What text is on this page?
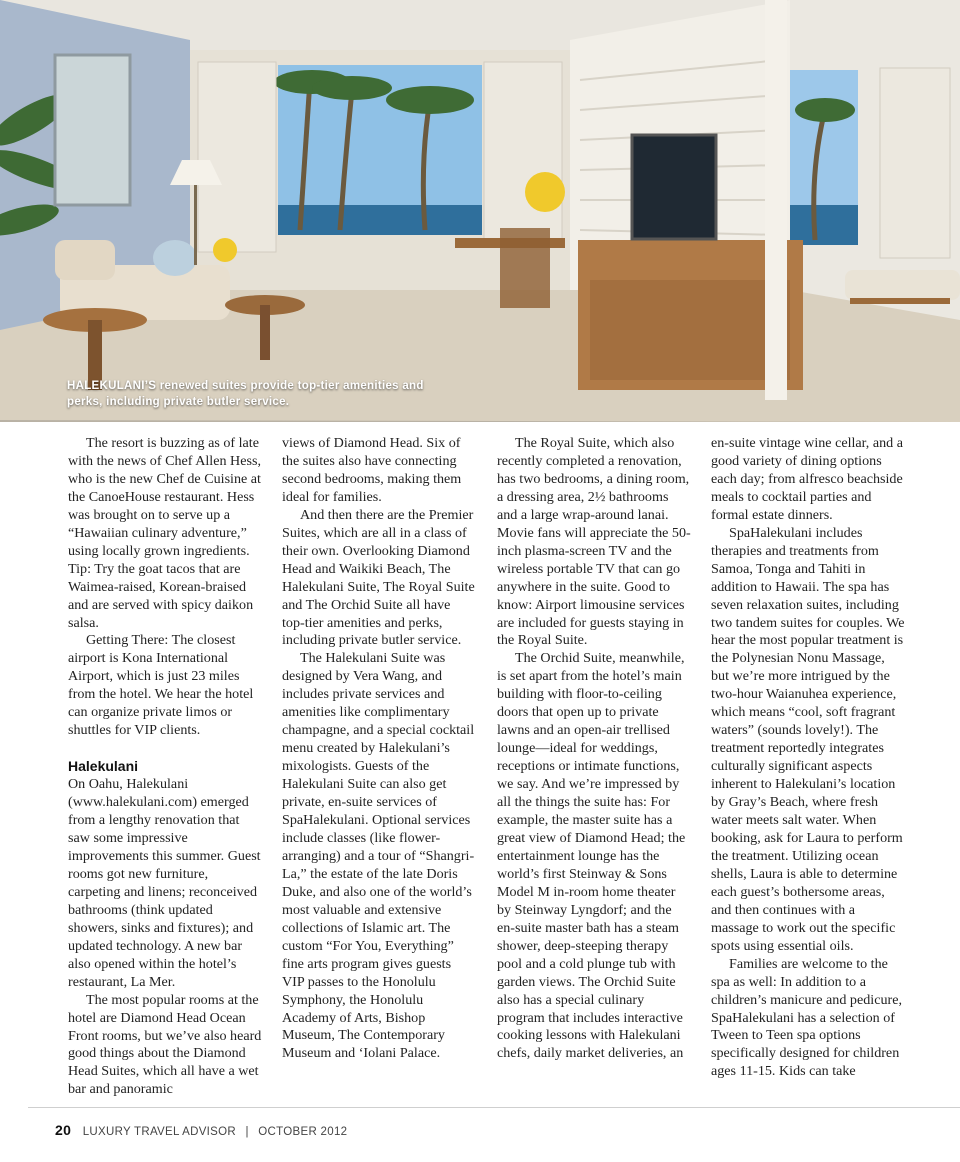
HALEKULANI’S renewed suites provide top-tier amenities and perks, including private butler service.

The resort is buzzing as of late with the news of Chef Allen Hess, who is the new Chef de Cuisine at the CanoeHouse restaurant. Hess was brought on to serve up a “Hawaiian culinary adventure,” using locally grown ingredients. Tip: Try the goat tacos that are Waimea-raised, Korean-braised and are served with spicy daikon salsa.

Getting There: The closest airport is Kona International Airport, which is just 23 miles from the hotel. We hear the hotel can organize private limos or shuttles for VIP clients.

Halekulani

On Oahu, Halekulani (www.halekulani.com) emerged from a lengthy renovation that saw some impressive improvements this summer. Guest rooms got new furniture, carpeting and linens; reconceived bathrooms (think updated showers, sinks and fixtures); and updated technology. A new bar also opened within the hotel’s restaurant, La Mer.

The most popular rooms at the hotel are Diamond Head Ocean Front rooms, but we’ve also heard good things about the Diamond Head Suites, which all have a wet bar and panoramic

views of Diamond Head. Six of the suites also have connecting second bedrooms, making them ideal for families.

And then there are the Premier Suites, which are all in a class of their own. Overlooking Diamond Head and Waikiki Beach, The Halekulani Suite, The Royal Suite and The Orchid Suite all have top-tier amenities and perks, including private butler service.

The Halekulani Suite was designed by Vera Wang, and includes private services and amenities like complimentary champagne, and a special cocktail menu created by Halekulani’s mixologists. Guests of the Halekulani Suite can also get private, en-suite services of SpaHalekulani. Optional services include classes (like flower-arranging) and a tour of “Shangri-La,” the estate of the late Doris Duke, and also one of the world’s most valuable and extensive collections of Islamic art. The custom “For You, Everything” fine arts program gives guests VIP passes to the Honolulu Symphony, the Honolulu Academy of Arts, Bishop Museum, The Contemporary Museum and ‘Iolani Palace.

The Royal Suite, which also recently completed a renovation, has two bedrooms, a dining room, a dressing area, 2½ bathrooms and a large wrap-around lanai. Movie fans will appreciate the 50-inch plasma-screen TV and the wireless portable TV that can go anywhere in the suite. Good to know: Airport limousine services are included for guests staying in the Royal Suite.

The Orchid Suite, meanwhile, is set apart from the hotel’s main building with floor-to-ceiling doors that open up to private lawns and an open-air trellised lounge—ideal for weddings, receptions or intimate functions, we say. And we’re impressed by all the things the suite has: For example, the master suite has a great view of Diamond Head; the entertainment lounge has the world’s first Steinway & Sons Model M in-room home theater by Steinway Lyngdorf; and the en-suite master bath has a steam shower, deep-steeping therapy pool and a cold plunge tub with garden views. The Orchid Suite also has a special culinary program that includes interactive cooking lessons with Halekulani chefs, daily market deliveries, an

en-suite vintage wine cellar, and a good variety of dining options each day; from alfresco beachside meals to cocktail parties and formal estate dinners.

SpaHalekulani includes therapies and treatments from Samoa, Tonga and Tahiti in addition to Hawaii. The spa has seven relaxation suites, including two tandem suites for couples. We hear the most popular treatment is the Polynesian Nonu Massage, but we’re more intrigued by the two-hour Waianuhea experience, which means “cool, soft fragrant waters” (sounds lovely!). The treatment reportedly integrates culturally significant aspects inherent to Halekulani’s location by Gray’s Beach, where fresh water meets salt water. When booking, ask for Laura to perform the treatment. Utilizing ocean shells, Laura is able to determine each guest’s bothersome areas, and then continues with a massage to work out the specific spots using essential oils.

Families are welcome to the spa as well: In addition to a children’s manicure and pedicure, SpaHalekulani has a selection of Tween to Teen spa options specifically designed for children ages 11-15. Kids can take

20 LUXURY TRAVEL ADVISOR | OCTOBER 2012
